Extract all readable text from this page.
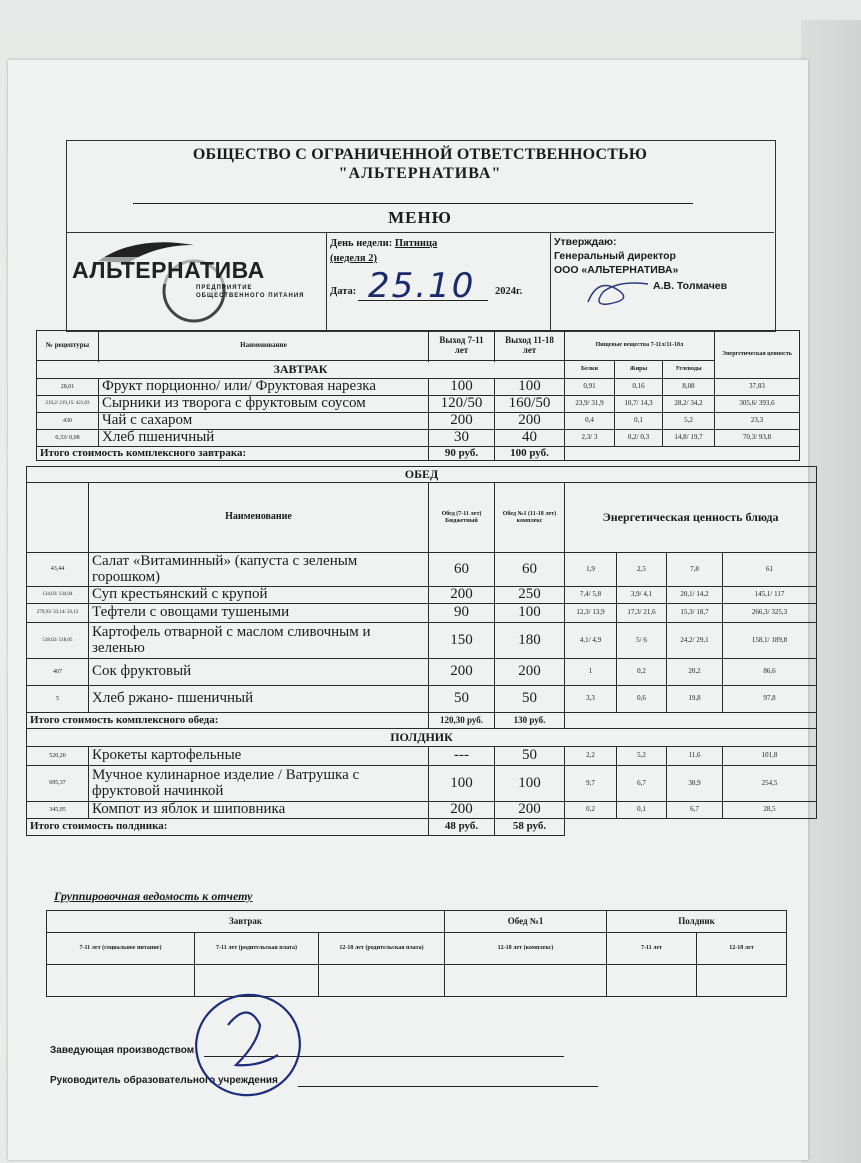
ОБЩЕСТВО С ОГРАНИЧЕННОЙ ОТВЕТСТВЕННОСТЬЮ
"АЛЬТЕРНАТИВА"
МЕНЮ
АЛЬТЕРНАТИВА
ПРЕДПРИЯТИЕ ОБЩЕСТВЕННОГО ПИТАНИЯ
День недели: Пятница
(неделя 2)
Дата: 25.10 2024г.
Утверждаю:
Генеральный директор
ООО «АЛЬТЕРНАТИВА»
А.В. Толмачев
№ рецептуры	Наименование	Выход 7-11 лет	Выход 11-18 лет	Пищевые вещества 7-11л/11-18л			Энергетическая ценность

ЗАВТРАК				Белки	Жиры	Углеводы	
28,01	Фрукт порционно/ или/ Фруктовая нарезка	100	100	0,91	0,16	8,08	37,83
219,2/ 219,15/ 421,03	Сырники из творога с фруктовым соусом	120/50	160/50	23,9/ 31,9	10,7/ 14,3	28,2/ 34,2	305,6/ 393,6
430	Чай с сахаром	200	200	0,4	0,1	5,2	23,3
0,33/ 0,08	Хлеб пшеничный	30	40	2,3/ 3	0,2/ 0,3	14,8/ 19,7	70,3/ 93,8
Итого стоимость комплексного завтрака:		90 руб.	100 руб.				
ОБЕД							
	Наименование	Обед (7-11 лет) Бюджетный	Обед №1 (11-18 лет) комплекс	Энергетическая ценность блюда			
43,44	Салат «Витаминный» (капуста с зеленым горошком)	60	60	1,9	2,5	7,8	61
134,03/ 134,04	Суп крестьянский с крупой	200	250	7,4/ 5,8	3,9/ 4,1	20,1/ 14,2	145,1/ 117
279,93/ 33,14/ 33,12	Тефтели с овощами тушеными	90	100	12,3/ 13,9	17,3/ 21,6	15,3/ 18,7	266,3/ 325,3
518,02/ 518,05	Картофель отварной с маслом сливочным и зеленью	150	180	4,1/ 4,9	5/ 6	24,2/ 29,1	158,1/ 189,8
407	Сок фруктовый	200	200	1	0,2	20,2	86,6
5	Хлеб ржано- пшеничный	50	50	3,3	0,6	19,8	97,8
Итого стоимость комплексного обеда:		120,30 руб.	130 руб.				
ПОЛДНИК							
520,20	Крокеты картофельные	---	50	2,2	5,2	11,6	101,8
695,37	Мучное кулинарное изделие / Ватрушка с фруктовой начинкой	100	100	9,7	6,7	38,9	254,5
345,95	Компот из яблок и шиповника	200	200	0,2	0,1	6,7	28,5
Итого стоимость полдника:		48 руб.	58 руб.				
Группировочная ведомость к отчету
Завтрак			Обед №1	Полдник	
7-11 лет (социальное питание)	7-11 лет (родительская плата)	12-18 лет (родительская плата)	12-18 лет (комплекс)	7-11 лет	12-18 лет

Заведующая производством
Руководитель образовательного учреждения
